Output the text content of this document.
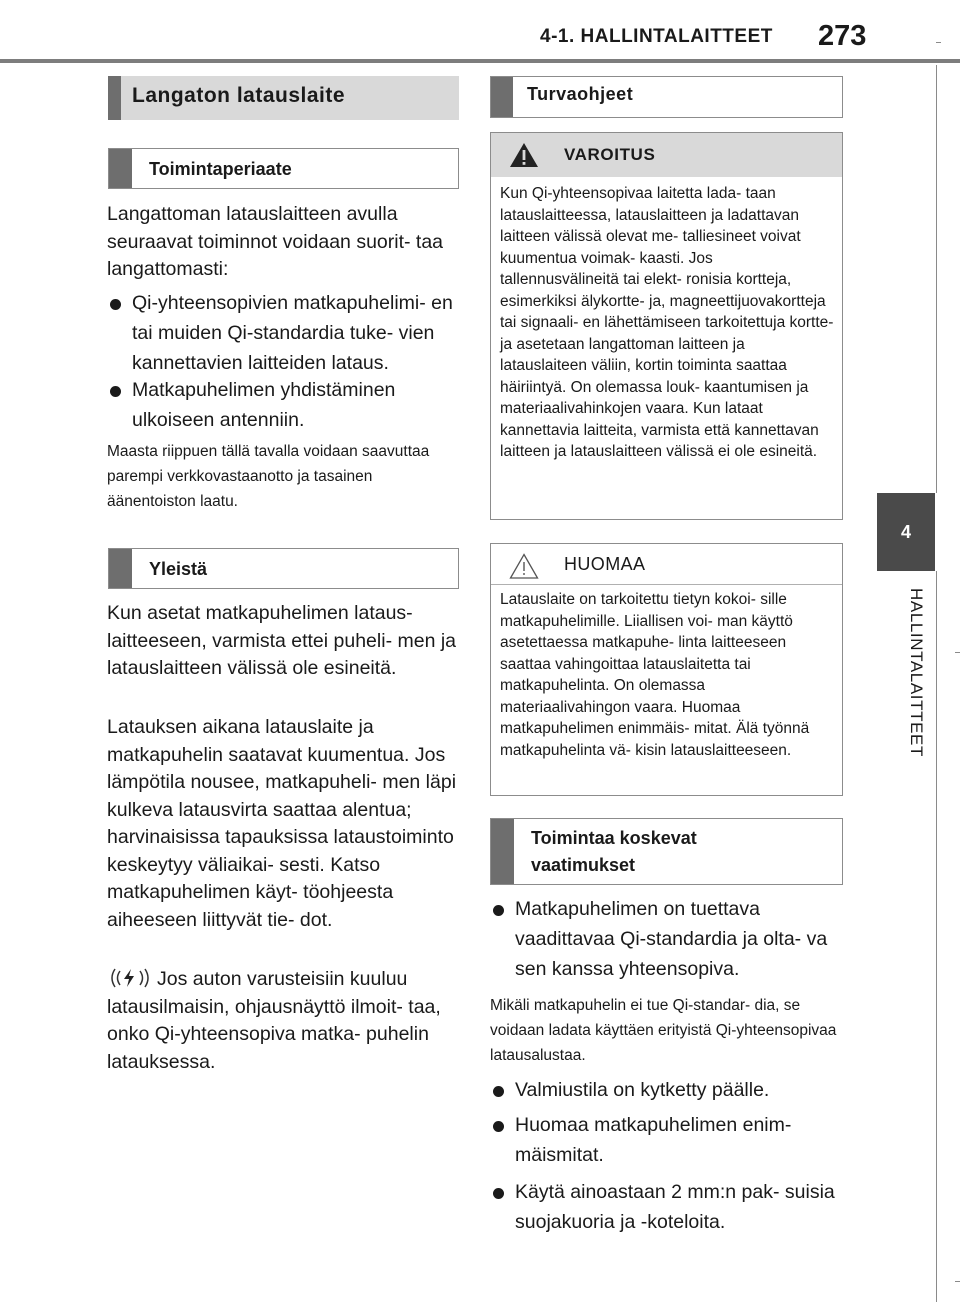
4-1. HALLINTALAITTEET 273
4
HALLINTALAITTEET
Langaton latauslaite
Toimintaperiaate

Langattoman latauslaitteen avulla seuraavat toiminnot voidaan suorit- taa langattomasti:

Qi-yhteensopivien matkapuhelimi- en tai muiden Qi-standardia tuke- vien kannettavien laitteiden lataus.
Matkapuhelimen yhdistäminen ulkoiseen antenniin.

Maasta riippuen tällä tavalla voidaan saavuttaa parempi verkkovastaanotto ja tasainen äänentoiston laatu.

Yleistä

Kun asetat matkapuhelimen lataus- laitteeseen, varmista ettei puheli- men ja latauslaitteen välissä ole esineitä.

Latauksen aikana latauslaite ja matkapuhelin saatavat kuumentua. Jos lämpötila nousee, matkapuheli- men läpi kulkeva latausvirta saattaa alentua; harvinaisissa tapauksissa lataustoiminto keskeytyy väliaikai- sesti. Katso matkapuhelimen käyt- töohjeesta aiheeseen liittyvät tie- dot.

Jos auton varusteisiin kuuluu latausilmaisin, ohjausnäyttö ilmoit- taa, onko Qi-yhteensopiva matka- puhelin latauksessa.

Turvaohjeet
VAROITUS

Kun Qi-yhteensopivaa laitetta lada- taan latauslaitteessa, latauslaitteen ja ladattavan laitteen välissä olevat me- talliesineet voivat kuumentua voimak- kaasti. Jos tallennusvälineitä tai elekt- ronisia kortteja, esimerkiksi älykortte- ja, magneettijuovakortteja tai signaali- en lähettämiseen tarkoitettuja kortte- ja asetetaan langattoman laitteen ja latauslaiteen väliin, kortin toiminta saattaa häiriintyä. On olemassa louk- kaantumisen ja materiaalivahinkojen vaara. Kun lataat kannettavia laitteita, varmista että kannettavan laitteen ja latauslaitteen välissä ei ole esineitä.

HUOMAA

Latauslaite on tarkoitettu tietyn kokoi- sille matkapuhelimille. Liiallisen voi- man käyttö asetettaessa matkapuhe- linta laitteeseen saattaa vahingoittaa latauslaitetta tai matkapuhelinta. On olemassa materiaalivahingon vaara. Huomaa matkapuhelimen enimmäis- mitat. Älä työnnä matkapuhelinta vä- kisin latauslaitteeseen.

Toimintaa koskevat vaatimukset
Matkapuhelimen on tuettava vaadittavaa Qi-standardia ja olta- va sen kanssa yhteensopiva.

Mikäli matkapuhelin ei tue Qi-standar- dia, se voidaan ladata käyttäen erityistä Qi-yhteensopivaa latausalustaa.

Valmiustila on kytketty päälle.
Huomaa matkapuhelimen enim- mäismitat.
Käytä ainoastaan 2 mm:n pak- suisia suojakuoria ja -koteloita.
